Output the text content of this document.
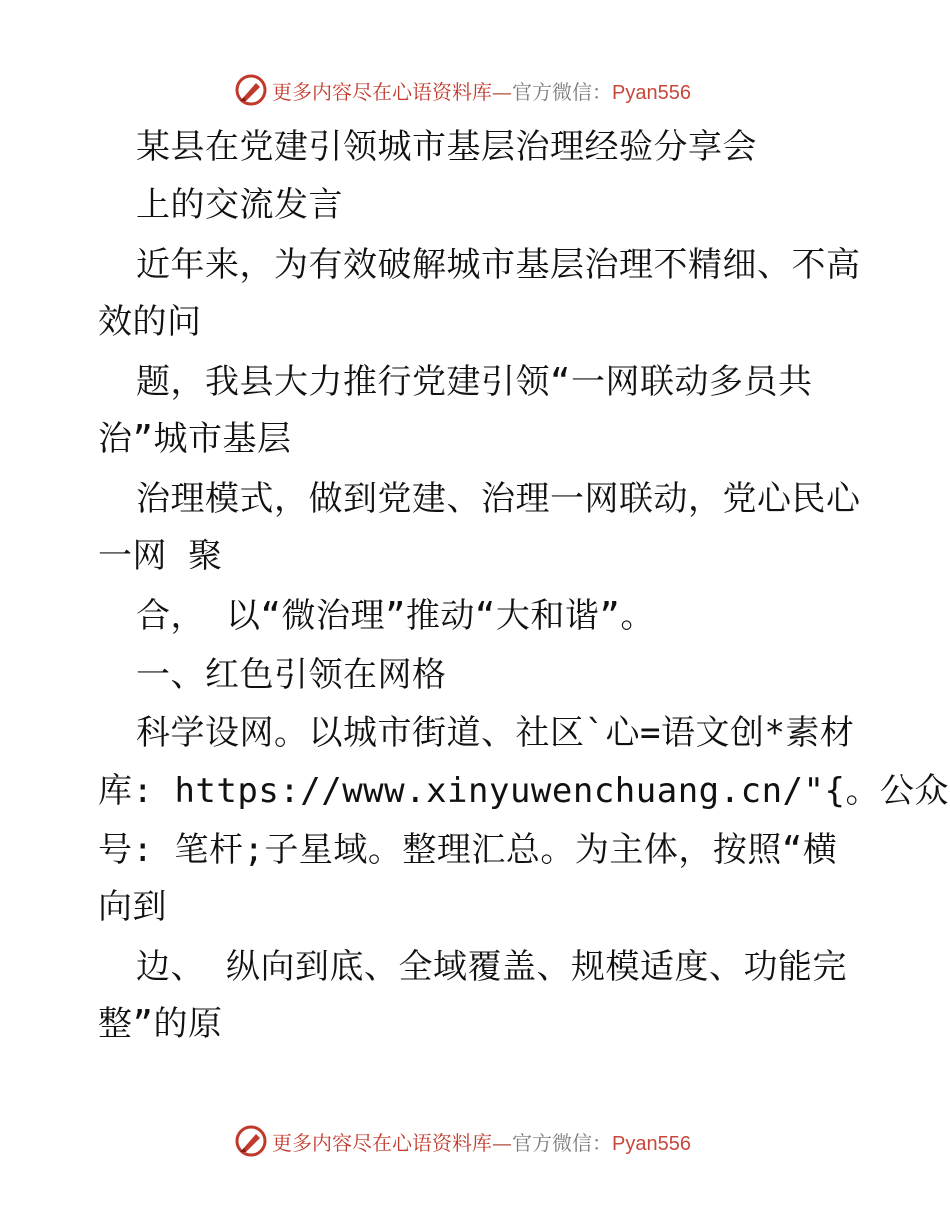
更多内容尽在心语资料库—官方微信：Pyan556
某县在党建引领城市基层治理经验分享会
上的交流发言
近年来，为有效破解城市基层治理不精细、不高
效的问
题，我县大力推行党建引领“一网联动多员共
治”城市基层
治理模式，做到党建、治理一网联动，党心民心
一网 聚
合， 以“微治理”推动“大和谐”。
一、红色引领在网格
科学设网。以城市街道、社区`心=语文创*素材
库: https://www.xinyuwenchuang.cn/"{。公众
号: 笔杆;子星域。整理汇总。为主体，按照“横
向到
边、 纵向到底、全域覆盖、规模适度、功能完
整”的原
更多内容尽在心语资料库—官方微信：Pyan556
